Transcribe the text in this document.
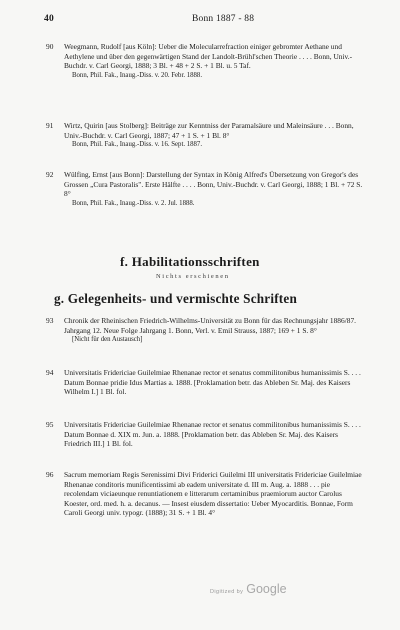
40	Bonn 1887 - 88
90 Weegmann, Rudolf [aus Köln]: Ueber die Molecularrefraction einiger gebromter Aethane und Aethylene und über den gegenwärtigen Stand der Landolt-Brühl'schen Theorie . . . . Bonn, Univ.-Buchdr. v. Carl Georgi, 1888; 3 Bl. + 48 + 2 S. + 1 Bl. u. 5 Taf.
Bonn, Phil. Fak., Inaug.-Diss. v. 20. Febr. 1888.
91 Wirtz, Quirin [aus Stolberg]: Beiträge zur Kenntniss der Paramalsäure und Maleinsäure . . . Bonn, Univ.-Buchdr. v. Carl Georgi, 1887; 47 + 1 S. + 1 Bl. 8°
Bonn, Phil. Fak., Inaug.-Diss. v. 16. Sept. 1887.
92 Wülfing, Ernst [aus Bonn]: Darstellung der Syntax in König Alfred's Übersetzung von Gregor's des Grossen „Cura Pastoralis". Erste Hälfte . . . . Bonn, Univ.-Buchdr. v. Carl Georgi, 1888; 1 Bl. + 72 S. 8°
Bonn, Phil. Fak., Inaug.-Diss. v. 2. Jul. 1888.
f. Habilitationsschriften
Nichts erschienen
g. Gelegenheits- und vermischte Schriften
93 Chronik der Rheinischen Friedrich-Wilhelms-Universität zu Bonn für das Rechnungsjahr 1886/87. Jahrgang 12. Neue Folge Jahrgang 1. Bonn, Verl. v. Emil Strauss, 1887; 169 + 1 S. 8°
[Nicht für den Austausch]
94 Universitatis Fridericiae Guilelmiae Rhenanae rector et senatus commilitonibus humanissimis S. . . . Datum Bonnae pridie Idus Martias a. 1888. [Proklamation betr. das Ableben Sr. Maj. des Kaisers Wilhelm I.] 1 Bl. fol.
95 Universitatis Fridericiae Guilelmiae Rhenanae rector et senatus commilitonibus humanissimis S. . . . Datum Bonnae d. XIX m. Jun. a. 1888. [Proklamation betr. das Ableben Sr. Maj. des Kaisers Friedrich III.] 1 Bl. fol.
96 Sacrum memoriam Regis Serenissimi Divi Friderici Guilelmi III universitatis Fridericiae Guilelmiae Rhenanae conditoris munificentissimi ab eadem universitate d. III m. Aug. a. 1888 . . . pie recolendam viciaeunque renuntiationem e litterarum certaminibus praemiorum auctor Carolus Koester, ord. med. h. a. decanus. — Insest eiusdem dissertatio: Ueber Myocarditis. Bonnae, Form Caroli Georgi univ. typogr. (1888); 31 S. + 1 Bl. 4°
Digitized by Google
